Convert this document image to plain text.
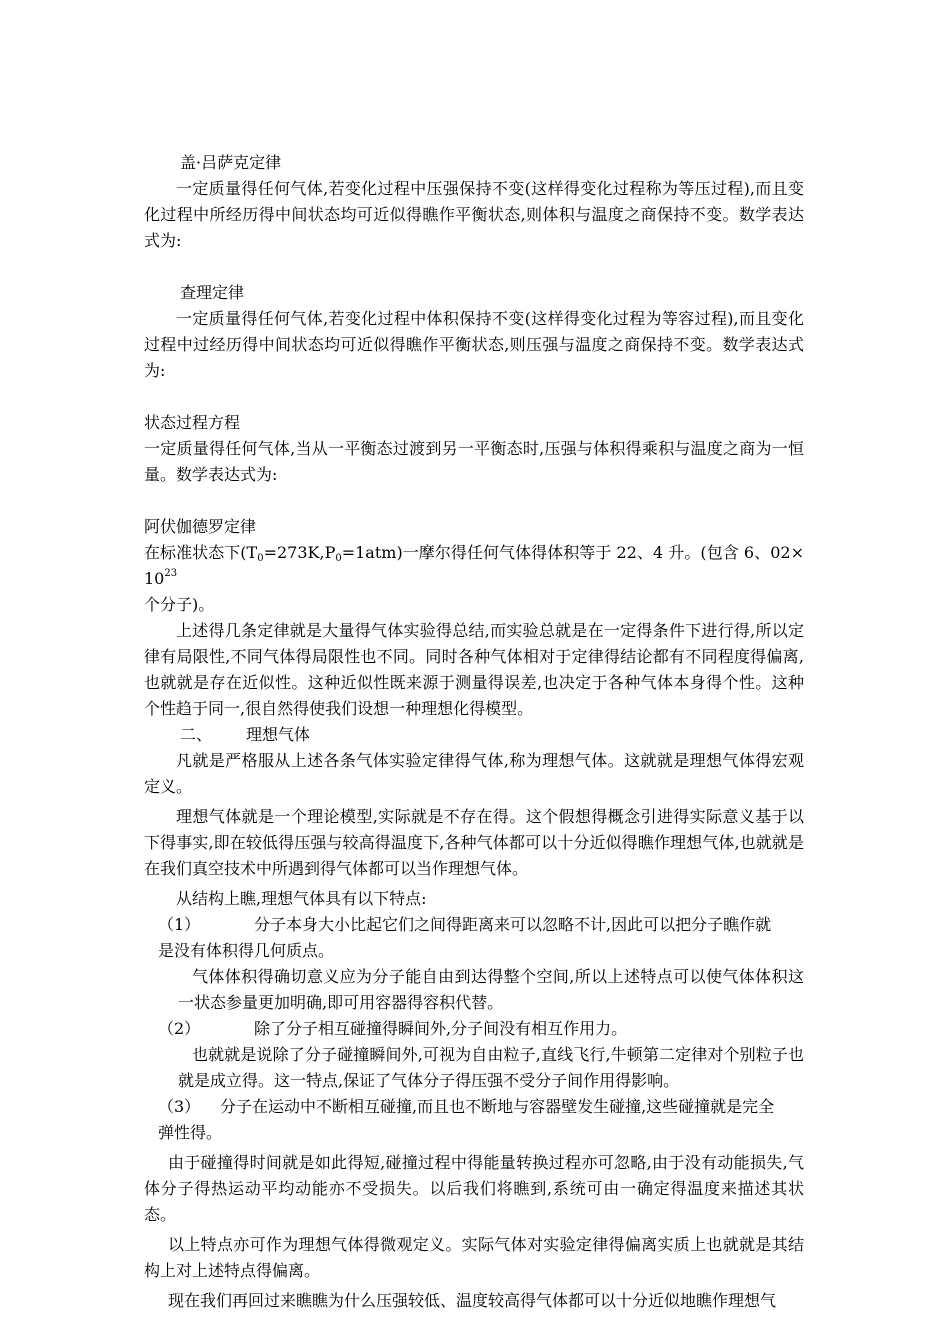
盖·吕萨克定律

一定质量得任何气体,若变化过程中压强保持不变(这样得变化过程称为等压过程),而且变化过程中所经历得中间状态均可近似得瞧作平衡状态,则体积与温度之商保持不变。数学表达式为:

查理定律

一定质量得任何气体,若变化过程中体积保持不变(这样得变化过程为等容过程),而且变化过程中过经历得中间状态均可近似得瞧作平衡状态,则压强与温度之商保持不变。数学表达式为:

状态过程方程

一定质量得任何气体,当从一平衡态过渡到另一平衡态时,压强与体积得乘积与温度之商为一恒量。数学表达式为:

阿伏伽德罗定律

在标准状态下$(T_0=273K,P_0=1atm)$一摩尔得任何气体得体积等于 22、4 升。(包含 6、$02\times 10^{23}$
个分子)。

上述得几条定律就是大量得气体实验得总结,而实验总就是在一定得条件下进行得,所以定律有局限性,不同气体得局限性也不同。同时各种气体相对于定律得结论都有不同程度得偏离,也就就是存在近似性。这种近似性既来源于测量得误差,也决定于各种气体本身得个性。这种个性趋于同一,很自然得使我们设想一种理想化得模型。

二、 理想气体

凡就是严格服从上述各条气体实验定律得气体,称为理想气体。这就就是理想气体得宏观定义。

理想气体就是一个理论模型,实际就是不存在得。这个假想得概念引进得实际意义基于以下得事实,即在较低得压强与较高得温度下,各种气体都可以十分近似得瞧作理想气体,也就就是在我们真空技术中所遇到得气体都可以当作理想气体。

从结构上瞧,理想气体具有以下特点:

（1）	分子本身大小比起它们之间得距离来可以忽略不计,因此可以把分子瞧作就

是没有体积得几何质点。

气体体积得确切意义应为分子能自由到达得整个空间,所以上述特点可以使气体体积这一状态参量更加明确,即可用容器得容积代替。

（2）	除了分子相互碰撞得瞬间外,分子间没有相互作用力。

也就就是说除了分子碰撞瞬间外,可视为自由粒子,直线飞行,牛顿第二定律对个别粒子也就是成立得。这一特点,保证了气体分子得压强不受分子间作用得影响。

（3） 分子在运动中不断相互碰撞,而且也不断地与容器壁发生碰撞,这些碰撞就是完全

弹性得。

由于碰撞得时间就是如此得短,碰撞过程中得能量转换过程亦可忽略,由于没有动能损失,气体分子得热运动平均动能亦不受损失。以后我们将瞧到,系统可由一确定得温度来描述其状态。

以上特点亦可作为理想气体得微观定义。实际气体对实验定律得偏离实质上也就就是其结构上对上述特点得偏离。

现在我们再回过来瞧瞧为什么压强较低、温度较高得气体都可以十分近似地瞧作理想气
